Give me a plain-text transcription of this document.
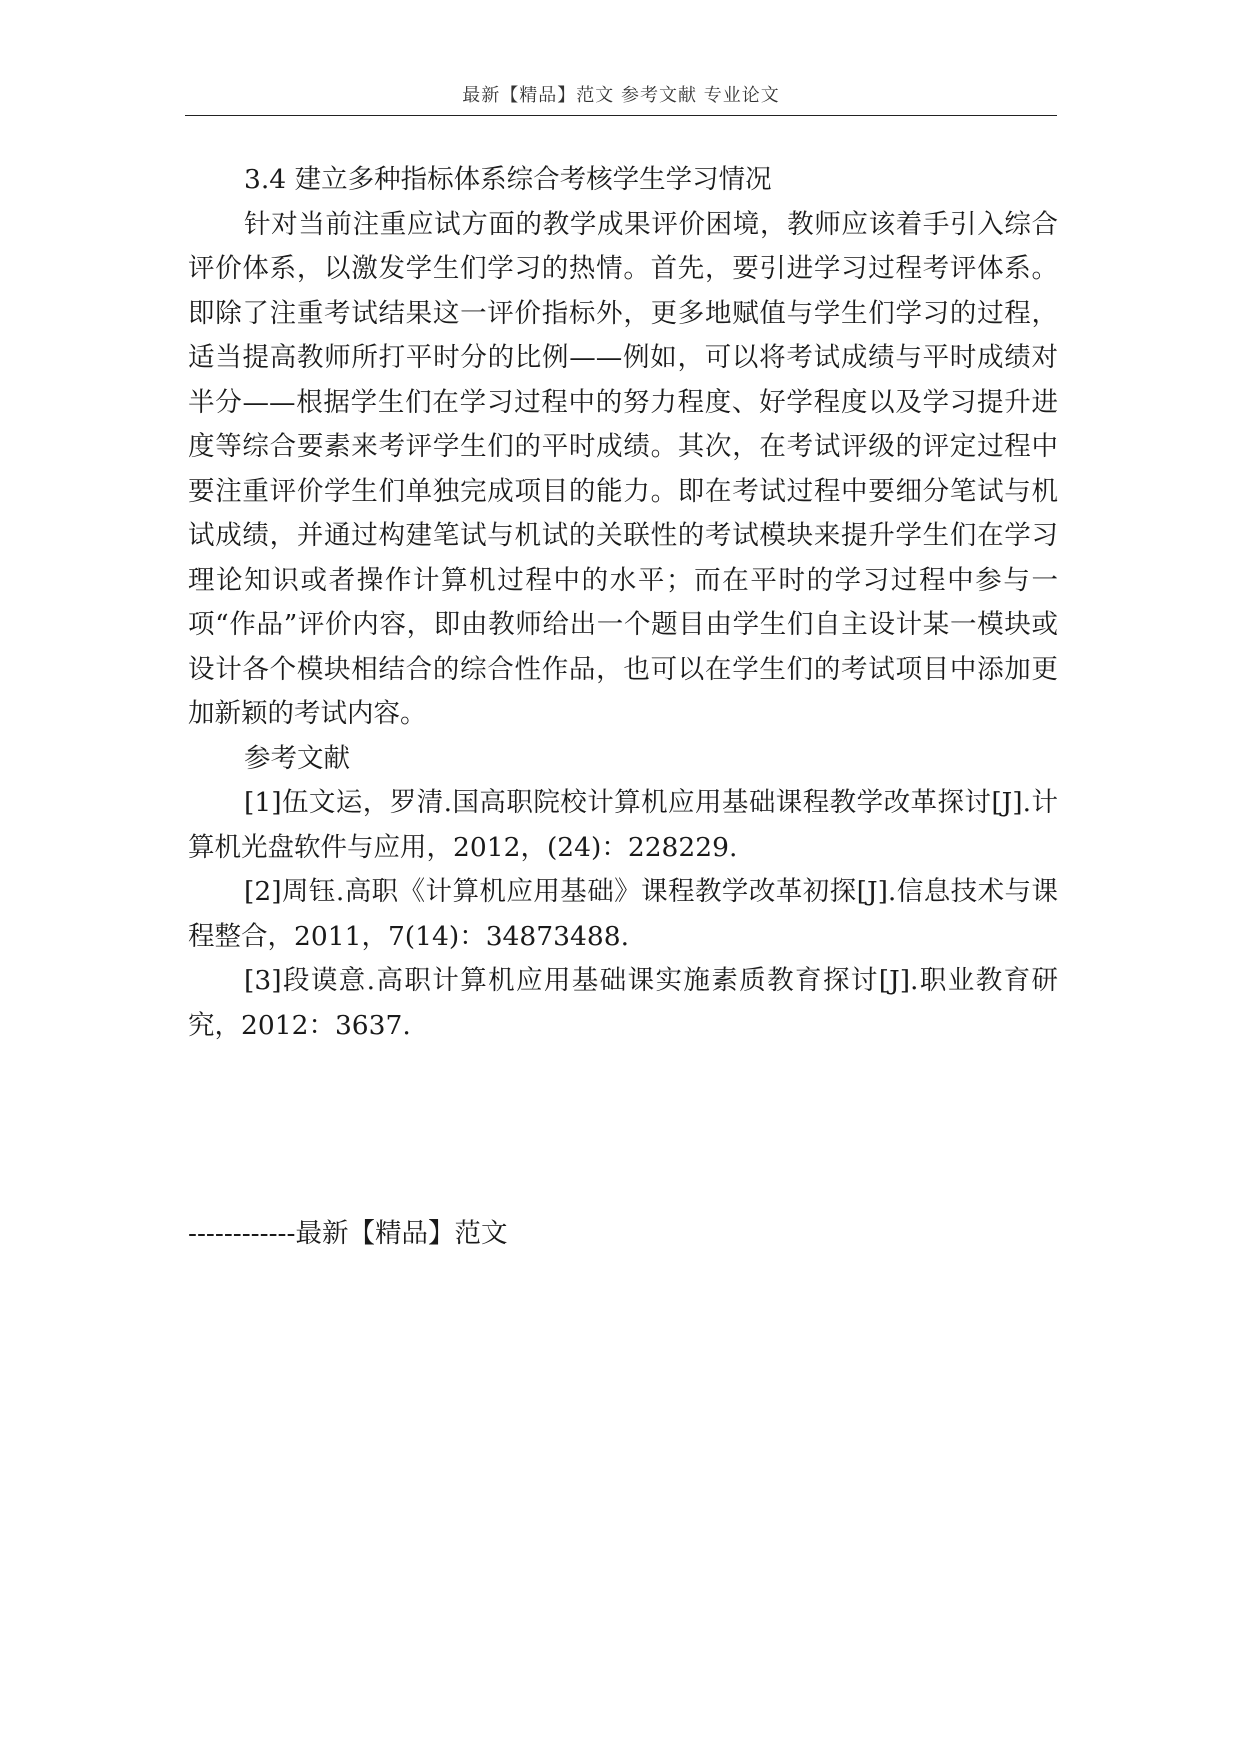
最新【精品】范文 参考文献 专业论文

3.4 建立多种指标体系综合考核学生学习情况

针对当前注重应试方面的教学成果评价困境，教师应该着手引入综合评价体系，以激发学生们学习的热情。首先，要引进学习过程考评体系。即除了注重考试结果这一评价指标外，更多地赋值与学生们学习的过程，适当提高教师所打平时分的比例——例如，可以将考试成绩与平时成绩对半分——根据学生们在学习过程中的努力程度、好学程度以及学习提升进度等综合要素来考评学生们的平时成绩。其次，在考试评级的评定过程中要注重评价学生们单独完成项目的能力。即在考试过程中要细分笔试与机试成绩，并通过构建笔试与机试的关联性的考试模块来提升学生们在学习理论知识或者操作计算机过程中的水平；而在平时的学习过程中参与一项“作品”评价内容，即由教师给出一个题目由学生们自主设计某一模块或设计各个模块相结合的综合性作品，也可以在学生们的考试项目中添加更加新颖的考试内容。

参考文献

[1]伍文运，罗清.国高职院校计算机应用基础课程教学改革探讨[J].计算机光盘软件与应用，2012，(24)：228229.

[2]周钰.高职《计算机应用基础》课程教学改革初探[J].信息技术与课程整合，2011，7(14)：34873488.

[3]段谟意.高职计算机应用基础课实施素质教育探讨[J].职业教育研究，2012：3637.

------------最新【精品】范文
